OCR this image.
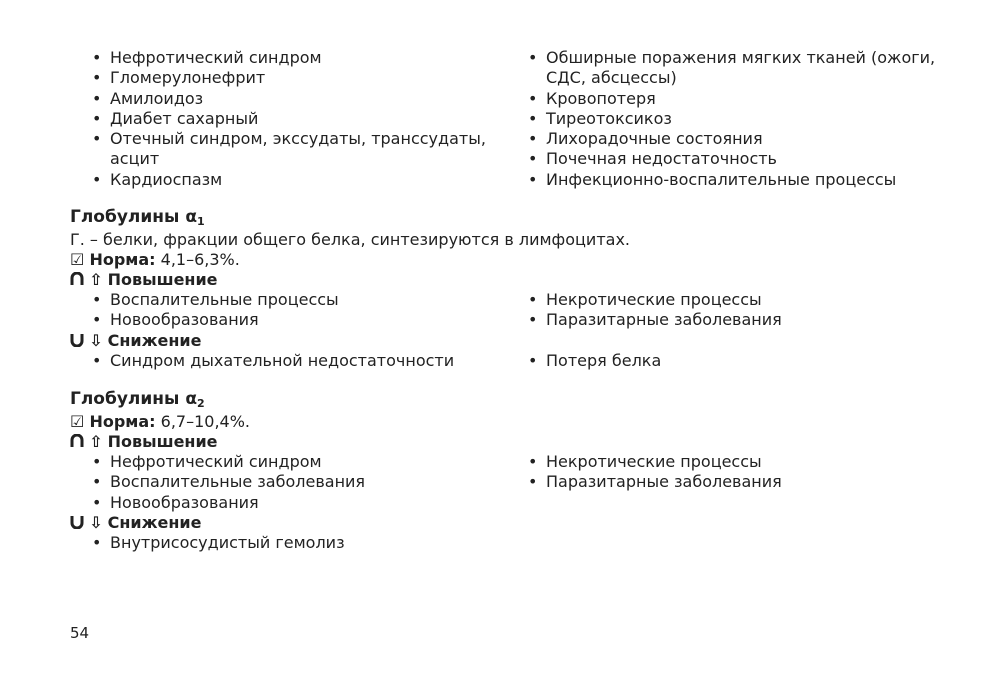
• Нефротический синдром
• Гломерулонефрит
• Амилоидоз
• Диабет сахарный
• Отечный синдром, экссудаты, транссудаты, асцит
• Кардиоспазм
• Обширные поражения мягких тканей (ожоги, СДС, абсцессы)
• Кровопотеря
• Тиреотоксикоз
• Лихорадочные состояния
• Почечная недостаточность
• Инфекционно-воспалительные процессы
Глобулины $\alpha_1$
Г. – белки, фракции общего белка, синтезируются в лимфоцитах.
☑ Норма: 4,1–6,3%.
⇧ Повышение
• Воспалительные процессы
• Новообразования
• Некротические процессы
• Паразитарные заболевания
⇩ Снижение
• Синдром дыхательной недостаточности
•	Потеря белка
Глобулины $\alpha_2$
☑ Норма: 6,7–10,4%.
⇧ Повышение
• Нефротический синдром
• Воспалительные заболевания
• Новообразования
• Некротические процессы
• Паразитарные заболевания
⇩ Снижение
• Внутрисосудистый гемолиз
54
